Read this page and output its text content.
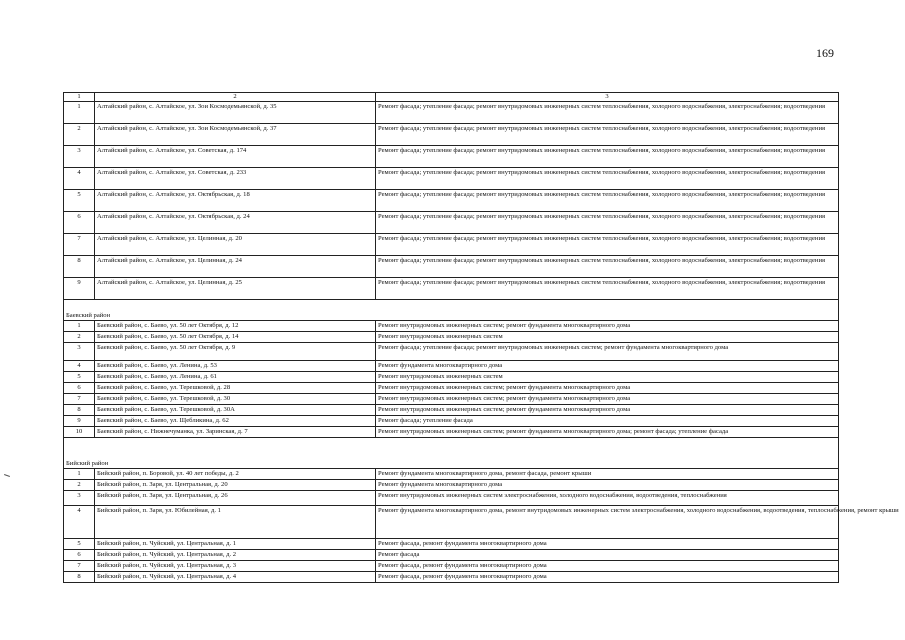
169
1	2	3
1	Алтайский район, с. Алтайское, ул. Зои Космодемьянской, д. 35	Ремонт фасада; утепление фасада; ремонт внутридомовых инженерных систем теплоснабжения, холодного водоснабжения, электроснабжения; водоотведения
2	Алтайский район, с. Алтайское, ул. Зои Космодемьянской, д. 37	Ремонт фасада; утепление фасада; ремонт внутридомовых инженерных систем теплоснабжения, холодного водоснабжения, электроснабжения; водоотведения
3	Алтайский район, с. Алтайское, ул. Советская, д. 174	Ремонт фасада; утепление фасада; ремонт внутридомовых инженерных систем теплоснабжения, холодного водоснабжения, электроснабжения; водоотведения
4	Алтайский район, с. Алтайское, ул. Советская, д. 233	Ремонт фасада; утепление фасада; ремонт внутридомовых инженерных систем теплоснабжения, холодного водоснабжения, электроснабжения; водоотведения
5	Алтайский район, с. Алтайское, ул. Октябрьская, д. 18	Ремонт фасада; утепление фасада; ремонт внутридомовых инженерных систем теплоснабжения, холодного водоснабжения, электроснабжения; водоотведения
6	Алтайский район, с. Алтайское, ул. Октябрьская, д. 24	Ремонт фасада; утепление фасада; ремонт внутридомовых инженерных систем теплоснабжения, холодного водоснабжения, электроснабжения; водоотведения
7	Алтайский район, с. Алтайское, ул. Целинная, д. 20	Ремонт фасада; утепление фасада; ремонт внутридомовых инженерных систем теплоснабжения, холодного водоснабжения, электроснабжения; водоотведения
8	Алтайский район, с. Алтайское, ул. Целинная, д. 24	Ремонт фасада; утепление фасада; ремонт внутридомовых инженерных систем теплоснабжения, холодного водоснабжения, электроснабжения; водоотведения
9	Алтайский район, с. Алтайское, ул. Целинная, д. 25	Ремонт фасада; утепление фасада; ремонт внутридомовых инженерных систем теплоснабжения, холодного водоснабжения, электроснабжения; водоотведения
Баевский район		
1	Баевский район, с. Баево, ул. 50 лет Октября, д. 12	Ремонт внутридомовых инженерных систем; ремонт фундамента многоквартирного дома
2	Баевский район, с. Баево, ул. 50 лет Октября, д. 14	Ремонт внутридомовых инженерных систем
3	Баевский район, с. Баево, ул. 50 лет Октября, д. 9	Ремонт фасада; утепление фасада; ремонт внутридомовых инженерных систем; ремонт фундамента многоквартирного дома
4	Баевский район, с. Баево, ул. Ленина, д. 53	Ремонт фундамента многоквартирного дома
5	Баевский район, с. Баево, ул. Ленина, д. 61	Ремонт внутридомовых инженерных систем
6	Баевский район, с. Баево, ул. Терешковой, д. 28	Ремонт внутридомовых инженерных систем; ремонт фундамента многоквартирного дома
7	Баевский район, с. Баево, ул. Терешковой, д. 30	Ремонт внутридомовых инженерных систем; ремонт фундамента многоквартирного дома
8	Баевский район, с. Баево, ул. Терешковой, д. 30А	Ремонт внутридомовых инженерных систем; ремонт фундамента многоквартирного дома
9	Баевский район, с. Баево, ул. Щебликина, д. 62	Ремонт фасада; утепление фасада
10	Баевский район, с. Нижнечуманка, ул. Заринская, д. 7	Ремонт внутридомовых инженерных систем; ремонт фундамента многоквартирного дома; ремонт фасада; утепление фасада
Бийский район		
1	Бийский район, п. Боровой, ул. 40 лет победы, д. 2	Ремонт фундамента многоквартирного дома, ремонт фасада, ремонт крыши
2	Бийский район, п. Заря, ул. Центральная, д. 20	Ремонт фундамента многоквартирного дома
3	Бийский район, п. Заря, ул. Центральная, д. 26	Ремонт внутридомовых инженерных систем электроснабжения, холодного водоснабжения, водоотведения, теплоснабжения
4	Бийский район, п. Заря, ул. Юбилейная, д. 1	Ремонт фундамента многоквартирного дома, ремонт внутридомовых инженерных систем электроснабжения, холодного водоснабжения, водоотведения, теплоснабжения, ремонт крыши
5	Бийский район, п. Чуйский, ул. Центральная, д. 1	Ремонт фасада, ремонт фундамента многоквартирного дома
6	Бийский район, п. Чуйский, ул. Центральная, д. 2	Ремонт фасада
7	Бийский район, п. Чуйский, ул. Центральная, д. 3	Ремонт фасада, ремонт фундамента многоквартирного дома
8	Бийский район, п. Чуйский, ул. Центральная, д. 4	Ремонт фасада, ремонт фундамента многоквартирного дома
